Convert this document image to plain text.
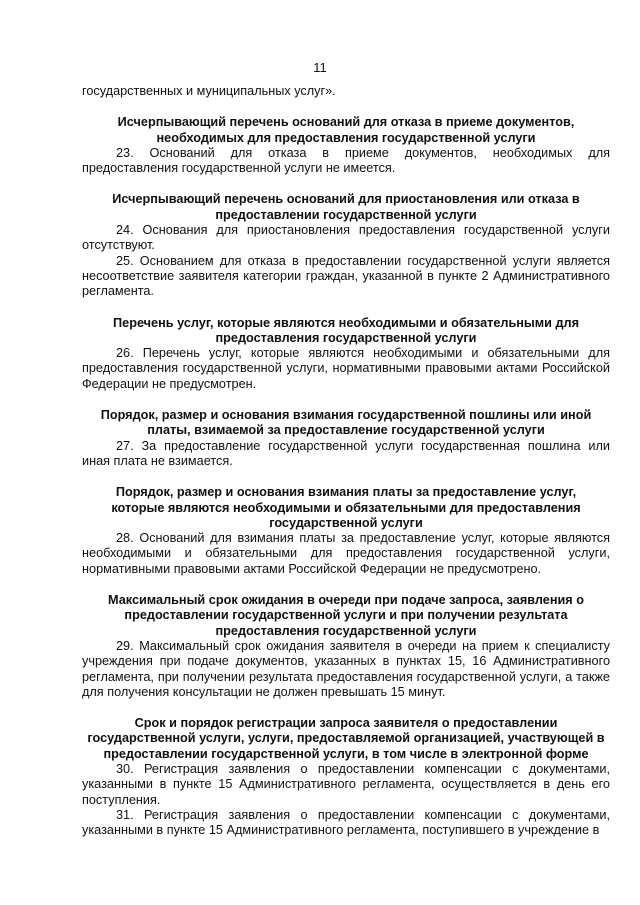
11

государственных и муниципальных услуг».

Исчерпывающий перечень оснований для отказа в приеме документов,
необходимых для предоставления государственной услуги

23. Оснований для отказа в приеме документов, необходимых для предоставления государственной услуги не имеется.

Исчерпывающий перечень оснований для приостановления или отказа в
предоставлении государственной услуги

24. Основания для приостановления предоставления государственной услуги отсутствуют.

25. Основанием для отказа в предоставлении государственной услуги является несоответствие заявителя категории граждан, указанной в пункте 2 Административного регламента.

Перечень услуг, которые являются необходимыми и обязательными для
предоставления государственной услуги

26. Перечень услуг, которые являются необходимыми и обязательными для предоставления государственной услуги, нормативными правовыми актами Российской Федерации не предусмотрен.

Порядок, размер и основания взимания государственной пошлины или иной
платы, взимаемой за предоставление государственной услуги

27. За предоставление государственной услуги государственная пошлина или иная плата не взимается.

Порядок, размер и основания взимания платы за предоставление услуг,
которые являются необходимыми и обязательными для предоставления
государственной услуги

28. Оснований для взимания платы за предоставление услуг, которые являются необходимыми и обязательными для предоставления государственной услуги, нормативными правовыми актами Российской Федерации не предусмотрено.

Максимальный срок ожидания в очереди при подаче запроса, заявления о
предоставлении государственной услуги и при получении результата
предоставления государственной услуги

29. Максимальный срок ожидания заявителя в очереди на прием к специалисту учреждения при подаче документов, указанных в пунктах 15, 16 Административного регламента, при получении результата предоставления государственной услуги, а также для получения консультации не должен превышать 15 минут.

Срок и порядок регистрации запроса заявителя о предоставлении
государственной услуги, услуги, предоставляемой организацией, участвующей в
предоставлении государственной услуги, в том числе в электронной форме

30. Регистрация заявления о предоставлении компенсации с документами, указанными в пункте 15 Административного регламента, осуществляется в день его поступления.

31. Регистрация заявления о предоставлении компенсации с документами, указанными в пункте 15 Административного регламента, поступившего в учреждение в
